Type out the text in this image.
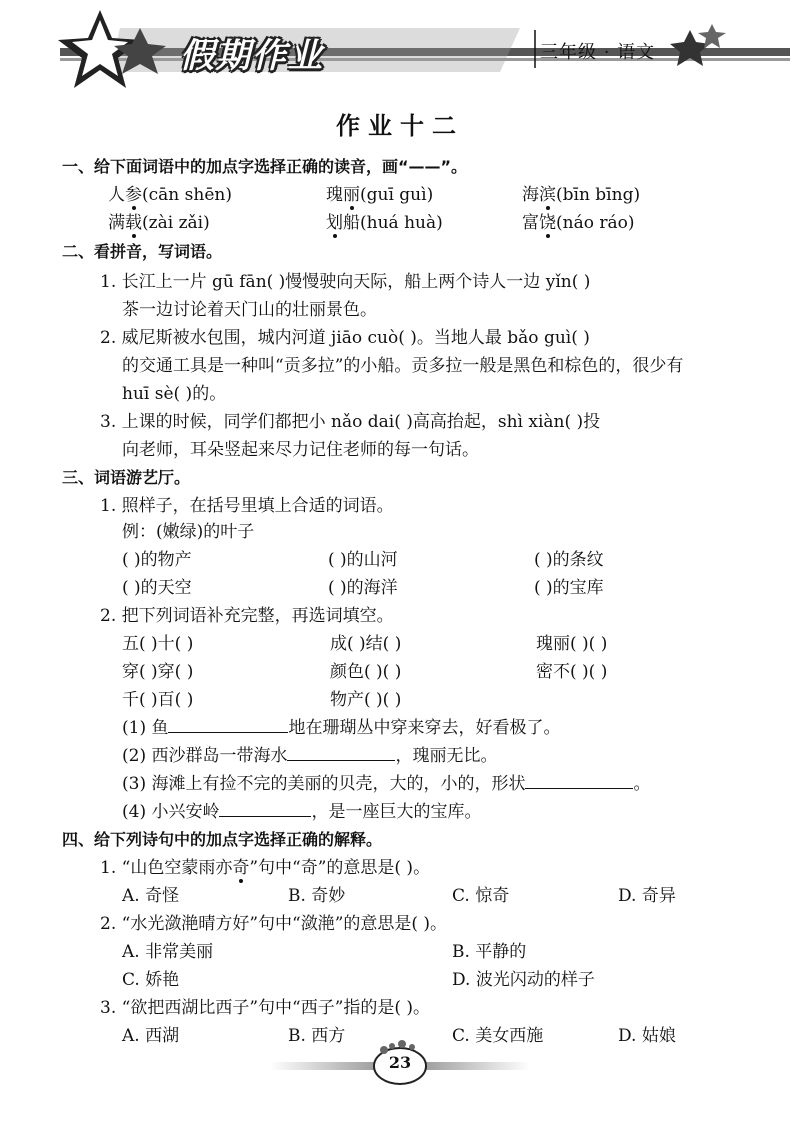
假期作业	三年级 · 语文
作业十二
一、给下面词语中的加点字选择正确的读音，画“——”。
人参(cān shēn)	瑰丽(guī guì)	海滨(bīn bīng)
满载(zài zǎi)	划船(huá huà)	富饶(náo ráo)
二、看拼音，写词语。
1. 长江上一片 gū fān( )慢慢驶向天际，船上两个诗人一边 yǐn( )
茶一边讨论着天门山的壮丽景色。
2. 威尼斯被水包围，城内河道 jiāo cuò( )。当地人最 bǎo guì( )
的交通工具是一种叫“贡多拉”的小船。贡多拉一般是黑色和棕色的，很少有
huī sè( )的。
3. 上课的时候，同学们都把小 nǎo dai( )高高抬起，shì xiàn( )投
向老师，耳朵竖起来尽力记住老师的每一句话。
三、词语游艺厅。
1. 照样子，在括号里填上合适的词语。
例：(嫩绿)的叶子
( )的物产	( )的山河	( )的条纹
( )的天空	( )的海洋	( )的宝库
2. 把下列词语补充完整，再选词填空。
五( )十( )	成( )结( )	瑰丽( )( )
穿( )穿( )	颜色( )( )	密不( )( )
千( )百( )	物产( )( )
(1) 鱼	地在珊瑚丛中穿来穿去，好看极了。
(2) 西沙群岛一带海水	，瑰丽无比。
(3) 海滩上有捡不完的美丽的贝壳，大的，小的，形状	。
(4) 小兴安岭	，是一座巨大的宝库。
四、给下列诗句中的加点字选择正确的解释。
1. “山色空蒙雨亦奇”句中“奇”的意思是( )。
A. 奇怪	B. 奇妙	C. 惊奇	D. 奇异
2. “水光潋滟晴方好”句中“潋滟”的意思是( )。
A. 非常美丽	B. 平静的
C. 娇艳	D. 波光闪动的样子
3. “欲把西湖比西子”句中“西子”指的是( )。
A. 西湖	B. 西方	C. 美女西施	D. 姑娘
23
